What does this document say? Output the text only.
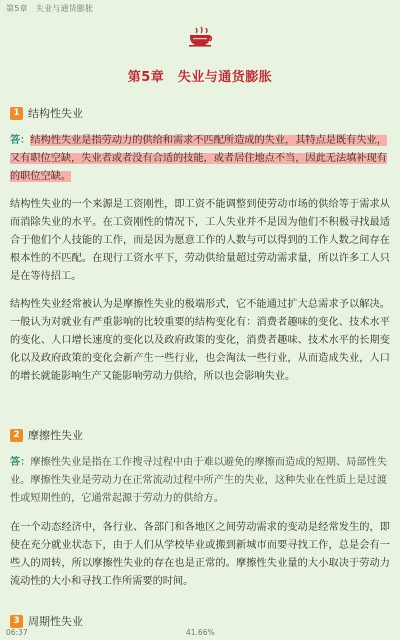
第5章　失业与通货膨胀
第5章　失业与通货膨胀
1 结构性失业
答：结构性失业是指劳动力的供给和需求不匹配所造成的失业，其特点是既有失业，又有职位空缺，失业者或者没有合适的技能，或者居住地点不当，因此无法填补现有的职位空缺。

结构性失业的一个来源是工资刚性，即工资不能调整到使劳动市场的供给等于需求从而消除失业的水平。在工资刚性的情况下，工人失业并不是因为他们不积极寻找最适合于他们个人技能的工作，而是因为愿意工作的人数与可以得到的工作人数之间存在根本性的不匹配。在现行工资水平下，劳动供给量超过劳动需求量，所以许多工人只是在等待招工。

结构性失业经常被认为是摩擦性失业的极端形式，它不能通过扩大总需求予以解决。一般认为对就业有严重影响的比较重要的结构变化有：消费者趣味的变化、技术水平的变化、人口增长速度的变化以及政府政策的变化，消费者趣味、技术水平的长期变化以及政府政策的变化会新产生一些行业，也会淘汰一些行业，从而造成失业，人口的增长就能影响生产又能影响劳动力供给，所以也会影响失业。

2 摩擦性失业
答：摩擦性失业是指在工作搜寻过程中由于难以避免的摩擦而造成的短期、局部性失业。摩擦性失业是劳动力在正常流动过程中所产生的失业，这种失业在性质上是过渡性或短期性的，它通常起源于劳动力的供给方。

在一个动态经济中，各行业、各部门和各地区之间劳动需求的变动是经常发生的，即使在充分就业状态下，由于人们从学校毕业或搬到新城市而要寻找工作，总是会有一些人的周转，所以摩擦性失业的存在也是正常的。摩擦性失业量的大小取决于劳动力流动性的大小和寻找工作所需要的时间。

3 周期性失业
06:37	41.66%
